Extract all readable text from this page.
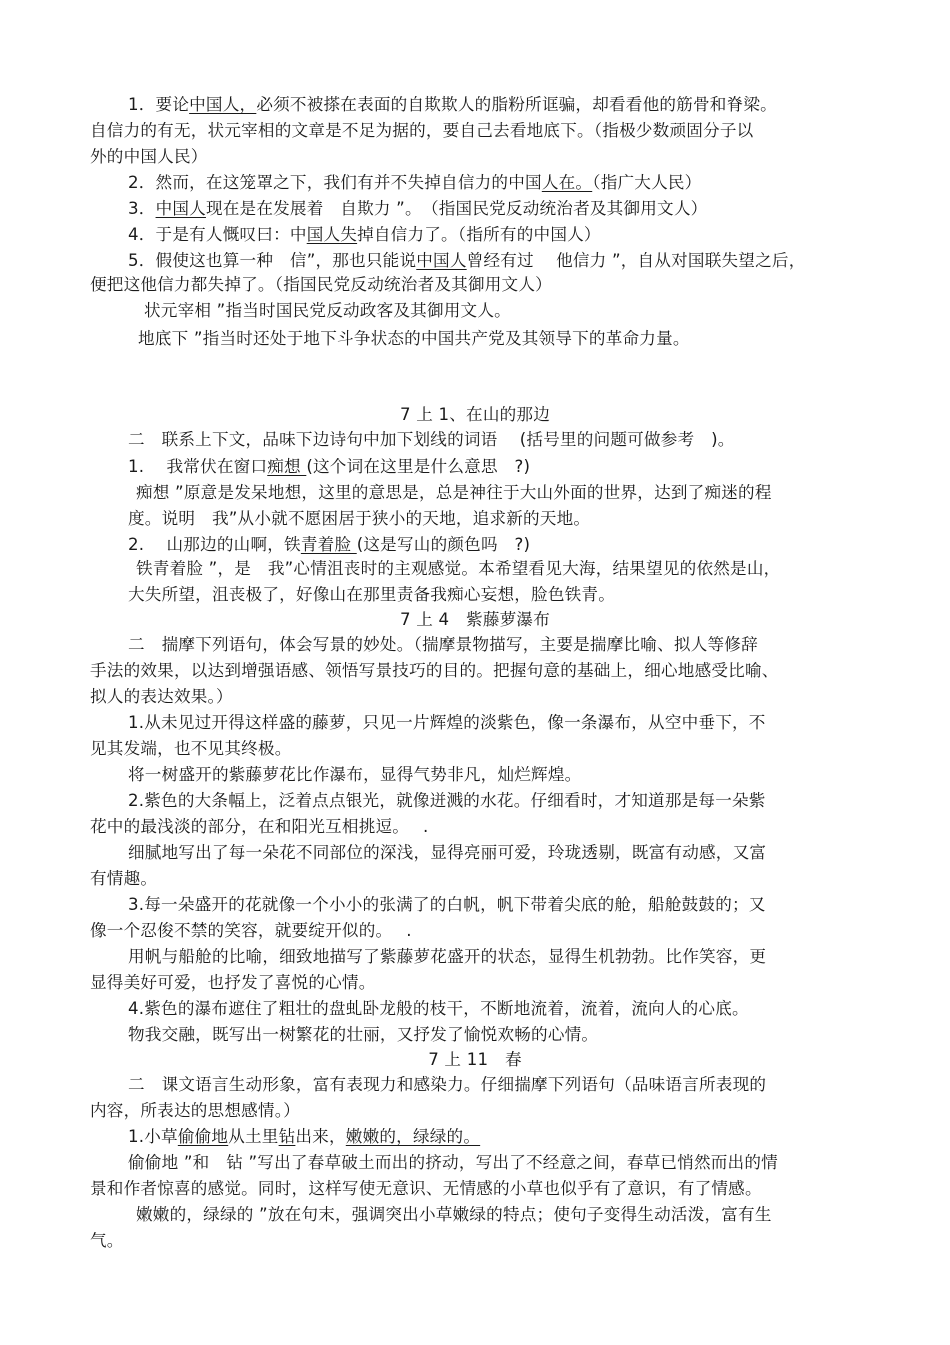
1．要论中国人，必须不被搽在表面的自欺欺人的脂粉所诓骗，却看看他的筋骨和脊梁。
自信力的有无，状元宰相的文章是不足为据的，要自己去看地底下。（指极少数顽固分子以
外的中国人民）
2．然而，在这笼罩之下，我们有并不失掉自信力的中国人在。（指广大人民）
3．中国人现在是在发展着　自欺力 ”。　（指国民党反动统治者及其御用文人）
4．于是有人慨叹曰：中国人失掉自信力了。（指所有的中国人）
5．假使这也算一种　信”，那也只能说中国人曾经有过　 他信力 ”，自从对国联失望之后，
便把这他信力都失掉了。（指国民党反动统治者及其御用文人）
状元宰相 ”指当时国民党反动政客及其御用文人。
地底下 ”指当时还处于地下斗争状态的中国共产党及其领导下的革命力量。
7 上 1、在山的那边
二　联系上下文，品味下边诗句中加下划线的词语　 (括号里的问题可做参考　)。
1.　 我常伏在窗口痴想 (这个词在这里是什么意思　?)
痴想 ”原意是发呆地想，这里的意思是，总是神往于大山外面的世界，达到了痴迷的程
度。说明　我”从小就不愿困居于狭小的天地，追求新的天地。
2.　 山那边的山啊，铁青着脸 (这是写山的颜色吗　?)
铁青着脸 ”，是　我”心情沮丧时的主观感觉。本希望看见大海，结果望见的依然是山，
大失所望，沮丧极了，好像山在那里责备我痴心妄想，脸色铁青。
7 上 4　紫藤萝瀑布
二　揣摩下列语句，体会写景的妙处。（揣摩景物描写，主要是揣摩比喻、拟人等修辞
手法的效果，以达到增强语感、领悟写景技巧的目的。把握句意的基础上，细心地感受比喻、
拟人的表达效果。）
1.从未见过开得这样盛的藤萝，只见一片辉煌的淡紫色，像一条瀑布，从空中垂下，不
见其发端，也不见其终极。
将一树盛开的紫藤萝花比作瀑布，显得气势非凡，灿烂辉煌。
2.紫色的大条幅上，泛着点点银光，就像迸溅的水花。仔细看时，才知道那是每一朵紫
花中的最浅淡的部分，在和阳光互相挑逗。　 .
细腻地写出了每一朵花不同部位的深浅，显得亮丽可爱，玲珑透剔，既富有动感，又富
有情趣。
3.每一朵盛开的花就像一个小小的张满了的白帆，帆下带着尖底的舱，船舱鼓鼓的；又
像一个忍俊不禁的笑容，就要绽开似的。　 .
用帆与船舱的比喻，细致地描写了紫藤萝花盛开的状态，显得生机勃勃。比作笑容，更
显得美好可爱，也抒发了喜悦的心情。
4.紫色的瀑布遮住了粗壮的盘虬卧龙般的枝干，不断地流着，流着，流向人的心底。
物我交融，既写出一树繁花的壮丽，又抒发了愉悦欢畅的心情。
7 上 11　春
二　课文语言生动形象，富有表现力和感染力。仔细揣摩下列语句（品味语言所表现的
内容，所表达的思想感情。）
1.小草偷偷地从土里钻出来，嫩嫩的，绿绿的。
偷偷地 ”和　钻 ”写出了春草破土而出的挤动，写出了不经意之间，春草已悄然而出的情
景和作者惊喜的感觉。同时，这样写使无意识、无情感的小草也似乎有了意识，有了情感。
嫩嫩的，绿绿的 ”放在句末，强调突出小草嫩绿的特点；使句子变得生动活泼，富有生
气。
